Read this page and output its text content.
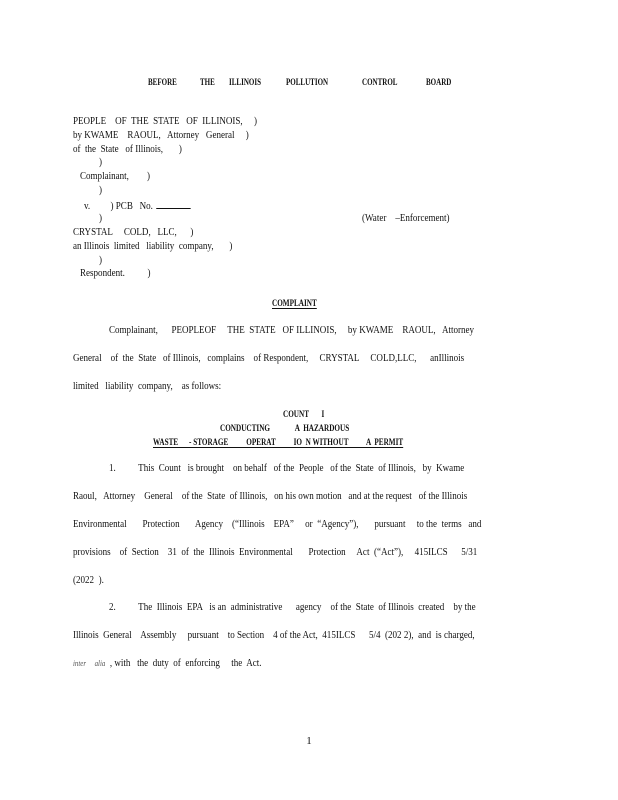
BEFORE	THE ILLINOIS	POLLUTION	CONTROL	BOARD
PEOPLE    OF  THE  STATE   OF  ILLINOIS,     )
by KWAME    RAOUL,   Attorney   General     )
of  the  State   of Illinois,       )
)
Complainant,        )
)
v.         ) PCB   No.
)	(Water    –Enforcement)
CRYSTAL     COLD,   LLC,      )
an Illinois  limited   liability  company,       )
)
Respondent.          )
COMPLAINT
Complainant,      PEOPLEOF     THE  STATE   OF ILLINOIS,     by KWAME    RAOUL,   Attorney
General    of  the  State   of Illinois,   complains    of Respondent,     CRYSTAL     COLD,LLC,      anIllinois
limited   liability  company,    as follows:
COUNT       I
CONDUCTING              A  HAZARDOUS
WASTE      - STORAGE          OPERAT          IO  N WITHOUT          A  PERMIT
1.          This  Count   is brought    on behalf   of the  People   of the  State  of Illinois,   by  Kwame
Raoul,   Attorney    General    of the  State  of Illinois,   on his own motion   and at the request   of the Illinois
Environmental       Protection       Agency    (“Illinois    EPA”     or  “Agency”),       pursuant     to the  terms   and
provisions    of  Section    31  of  the  Illinois  Environmental       Protection     Act  (“Act”),     415ILCS      5/31
(2022  ).
2.          The  Illinois  EPA   is an  administrative      agency    of the  State  of Illinois  created    by the
Illinois  General    Assembly     pursuant    to Section    4 of the Act,  415ILCS      5/4  (202 2),  and  is charged,
inter     alia  , with   the  duty  of  enforcing     the  Act.
1
